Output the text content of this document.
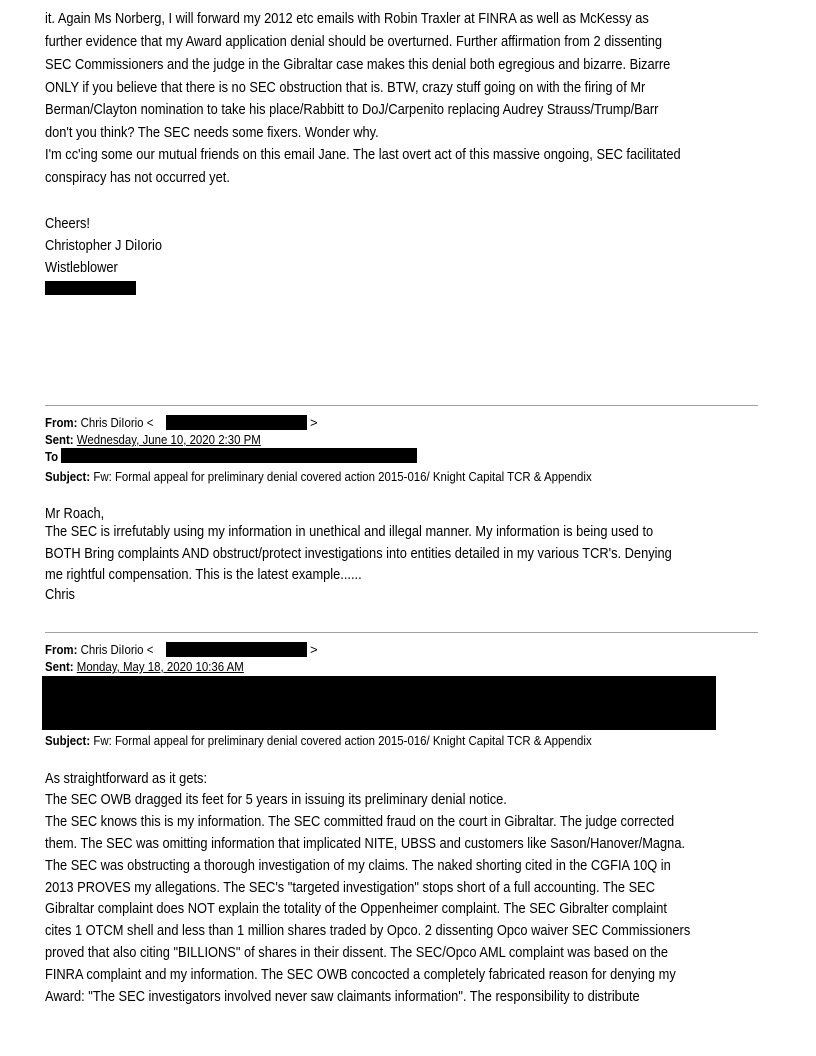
it. Again Ms Norberg, I will forward my 2012 etc emails with Robin Traxler at FINRA as well as McKessy as
further evidence that my Award application denial should be overturned. Further affirmation from 2 dissenting
SEC Commissioners and the judge in the Gibraltar case makes this denial both egregious and bizarre. Bizarre
ONLY if you believe that there is no SEC obstruction that is. BTW, crazy stuff going on with the firing of Mr
Berman/Clayton nomination to take his place/Rabbitt to DoJ/Carpenito replacing Audrey Strauss/Trump/Barr
don't you think? The SEC needs some fixers. Wonder why.
I'm cc'ing some our mutual friends on this email Jane. The last overt act of this massive ongoing, SEC facilitated
conspiracy has not occurred yet.
Cheers!
Christopher J DiIorio
Wistleblower
From: Chris DiIorio <	>
Sent: Wednesday, June 10, 2020 2:30 PM
To
Subject: Fw: Formal appeal for preliminary denial covered action 2015-016/ Knight Capital TCR & Appendix
Mr Roach,
The SEC is irrefutably using my information in unethical and illegal manner. My information is being used to
BOTH Bring complaints AND obstruct/protect investigations into entities detailed in my various TCR's. Denying
me rightful compensation. This is the latest example......
Chris
From: Chris DiIorio <	>
Sent: Monday, May 18, 2020 10:36 AM
Subject: Fw: Formal appeal for preliminary denial covered action 2015-016/ Knight Capital TCR & Appendix
As straightforward as it gets:
The SEC OWB dragged its feet for 5 years in issuing its preliminary denial notice.
The SEC knows this is my information. The SEC committed fraud on the court in Gibraltar. The judge corrected
them. The SEC was omitting information that implicated NITE, UBSS and customers like Sason/Hanover/Magna.
The SEC was obstructing a thorough investigation of my claims. The naked shorting cited in the CGFIA 10Q in
2013 PROVES my allegations. The SEC's "targeted investigation" stops short of a full accounting. The SEC
Gibraltar complaint does NOT explain the totality of the Oppenheimer complaint. The SEC Gibralter complaint
cites 1 OTCM shell and less than 1 million shares traded by Opco. 2 dissenting Opco waiver SEC Commissioners
proved that also citing "BILLIONS" of shares in their dissent. The SEC/Opco AML complaint was based on the
FINRA complaint and my information. The SEC OWB concocted a completely fabricated reason for denying my
Award: "The SEC investigators involved never saw claimants information". The responsibility to distribute
